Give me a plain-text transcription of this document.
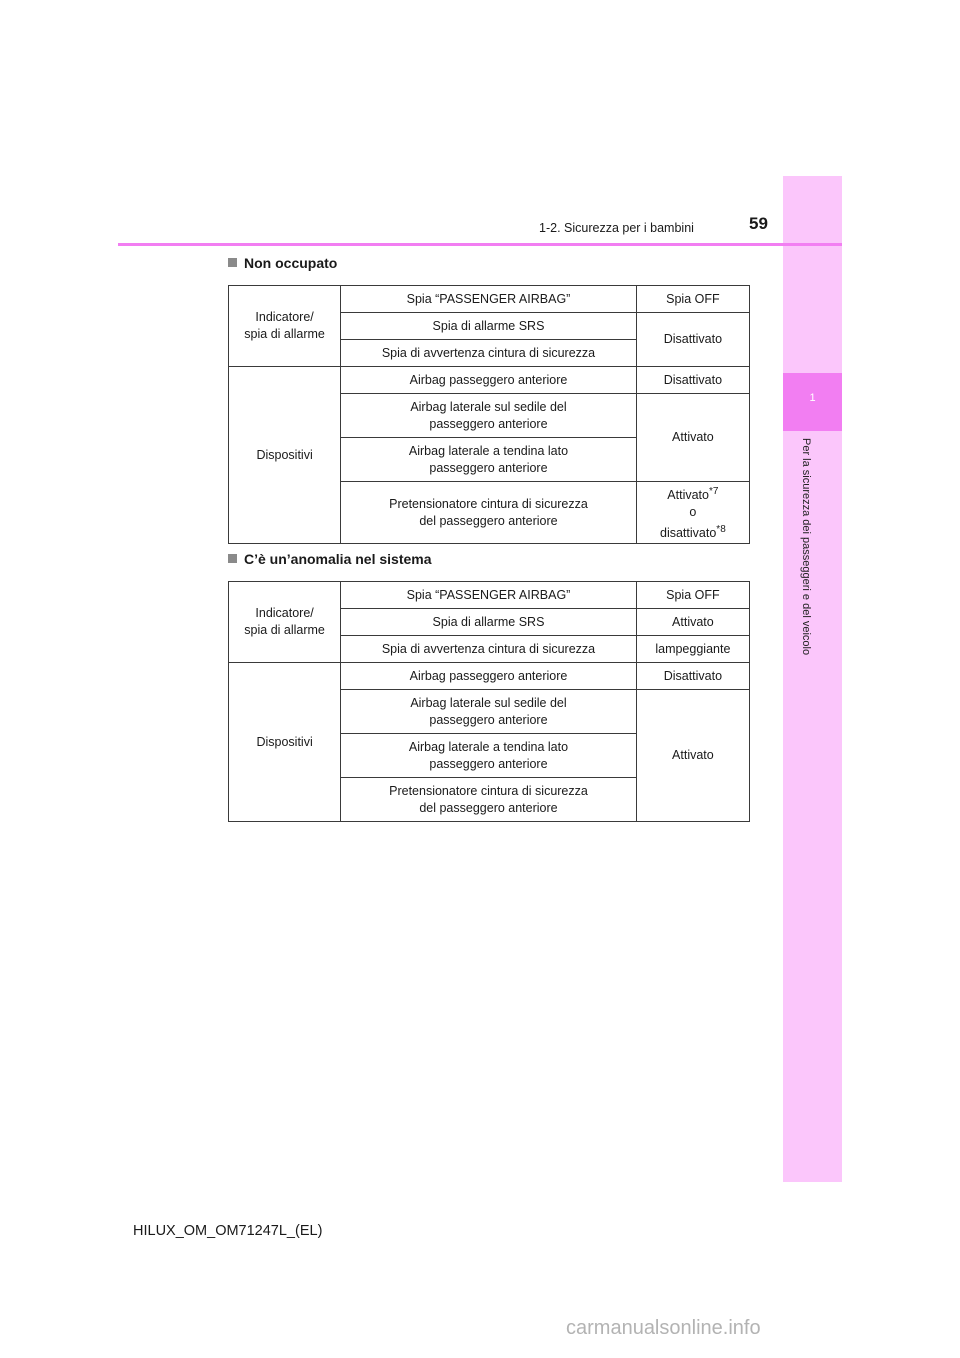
1
Per la sicurezza dei passeggeri e del veicolo
59
1-2. Sicurezza per i bambini
Non occupato
Indicatore/
spia di allarme	Spia “PASSENGER AIRBAG”	Spia OFF
	Spia di allarme SRS	Disattivato
	Spia di avvertenza cintura di sicurezza	
Dispositivi	Airbag passeggero anteriore	Disattivato
	Airbag laterale sul sedile del
passeggero anteriore	Attivato
	Airbag laterale a tendina lato
passeggero anteriore	
	Pretensionatore cintura di sicurezza
del passeggero anteriore	Attivato$^{*7}$
o
disattivato$^{*8}$
C’è un’anomalia nel sistema
Indicatore/
spia di allarme	Spia “PASSENGER AIRBAG”	Spia OFF
	Spia di allarme SRS	Attivato
	Spia di avvertenza cintura di sicurezza	lampeggiante
Dispositivi	Airbag passeggero anteriore	Disattivato
	Airbag laterale sul sedile del
passeggero anteriore	Attivato
	Airbag laterale a tendina lato
passeggero anteriore	
	Pretensionatore cintura di sicurezza
del passeggero anteriore	
HILUX_OM_OM71247L_(EL)
carmanualsonline.info
